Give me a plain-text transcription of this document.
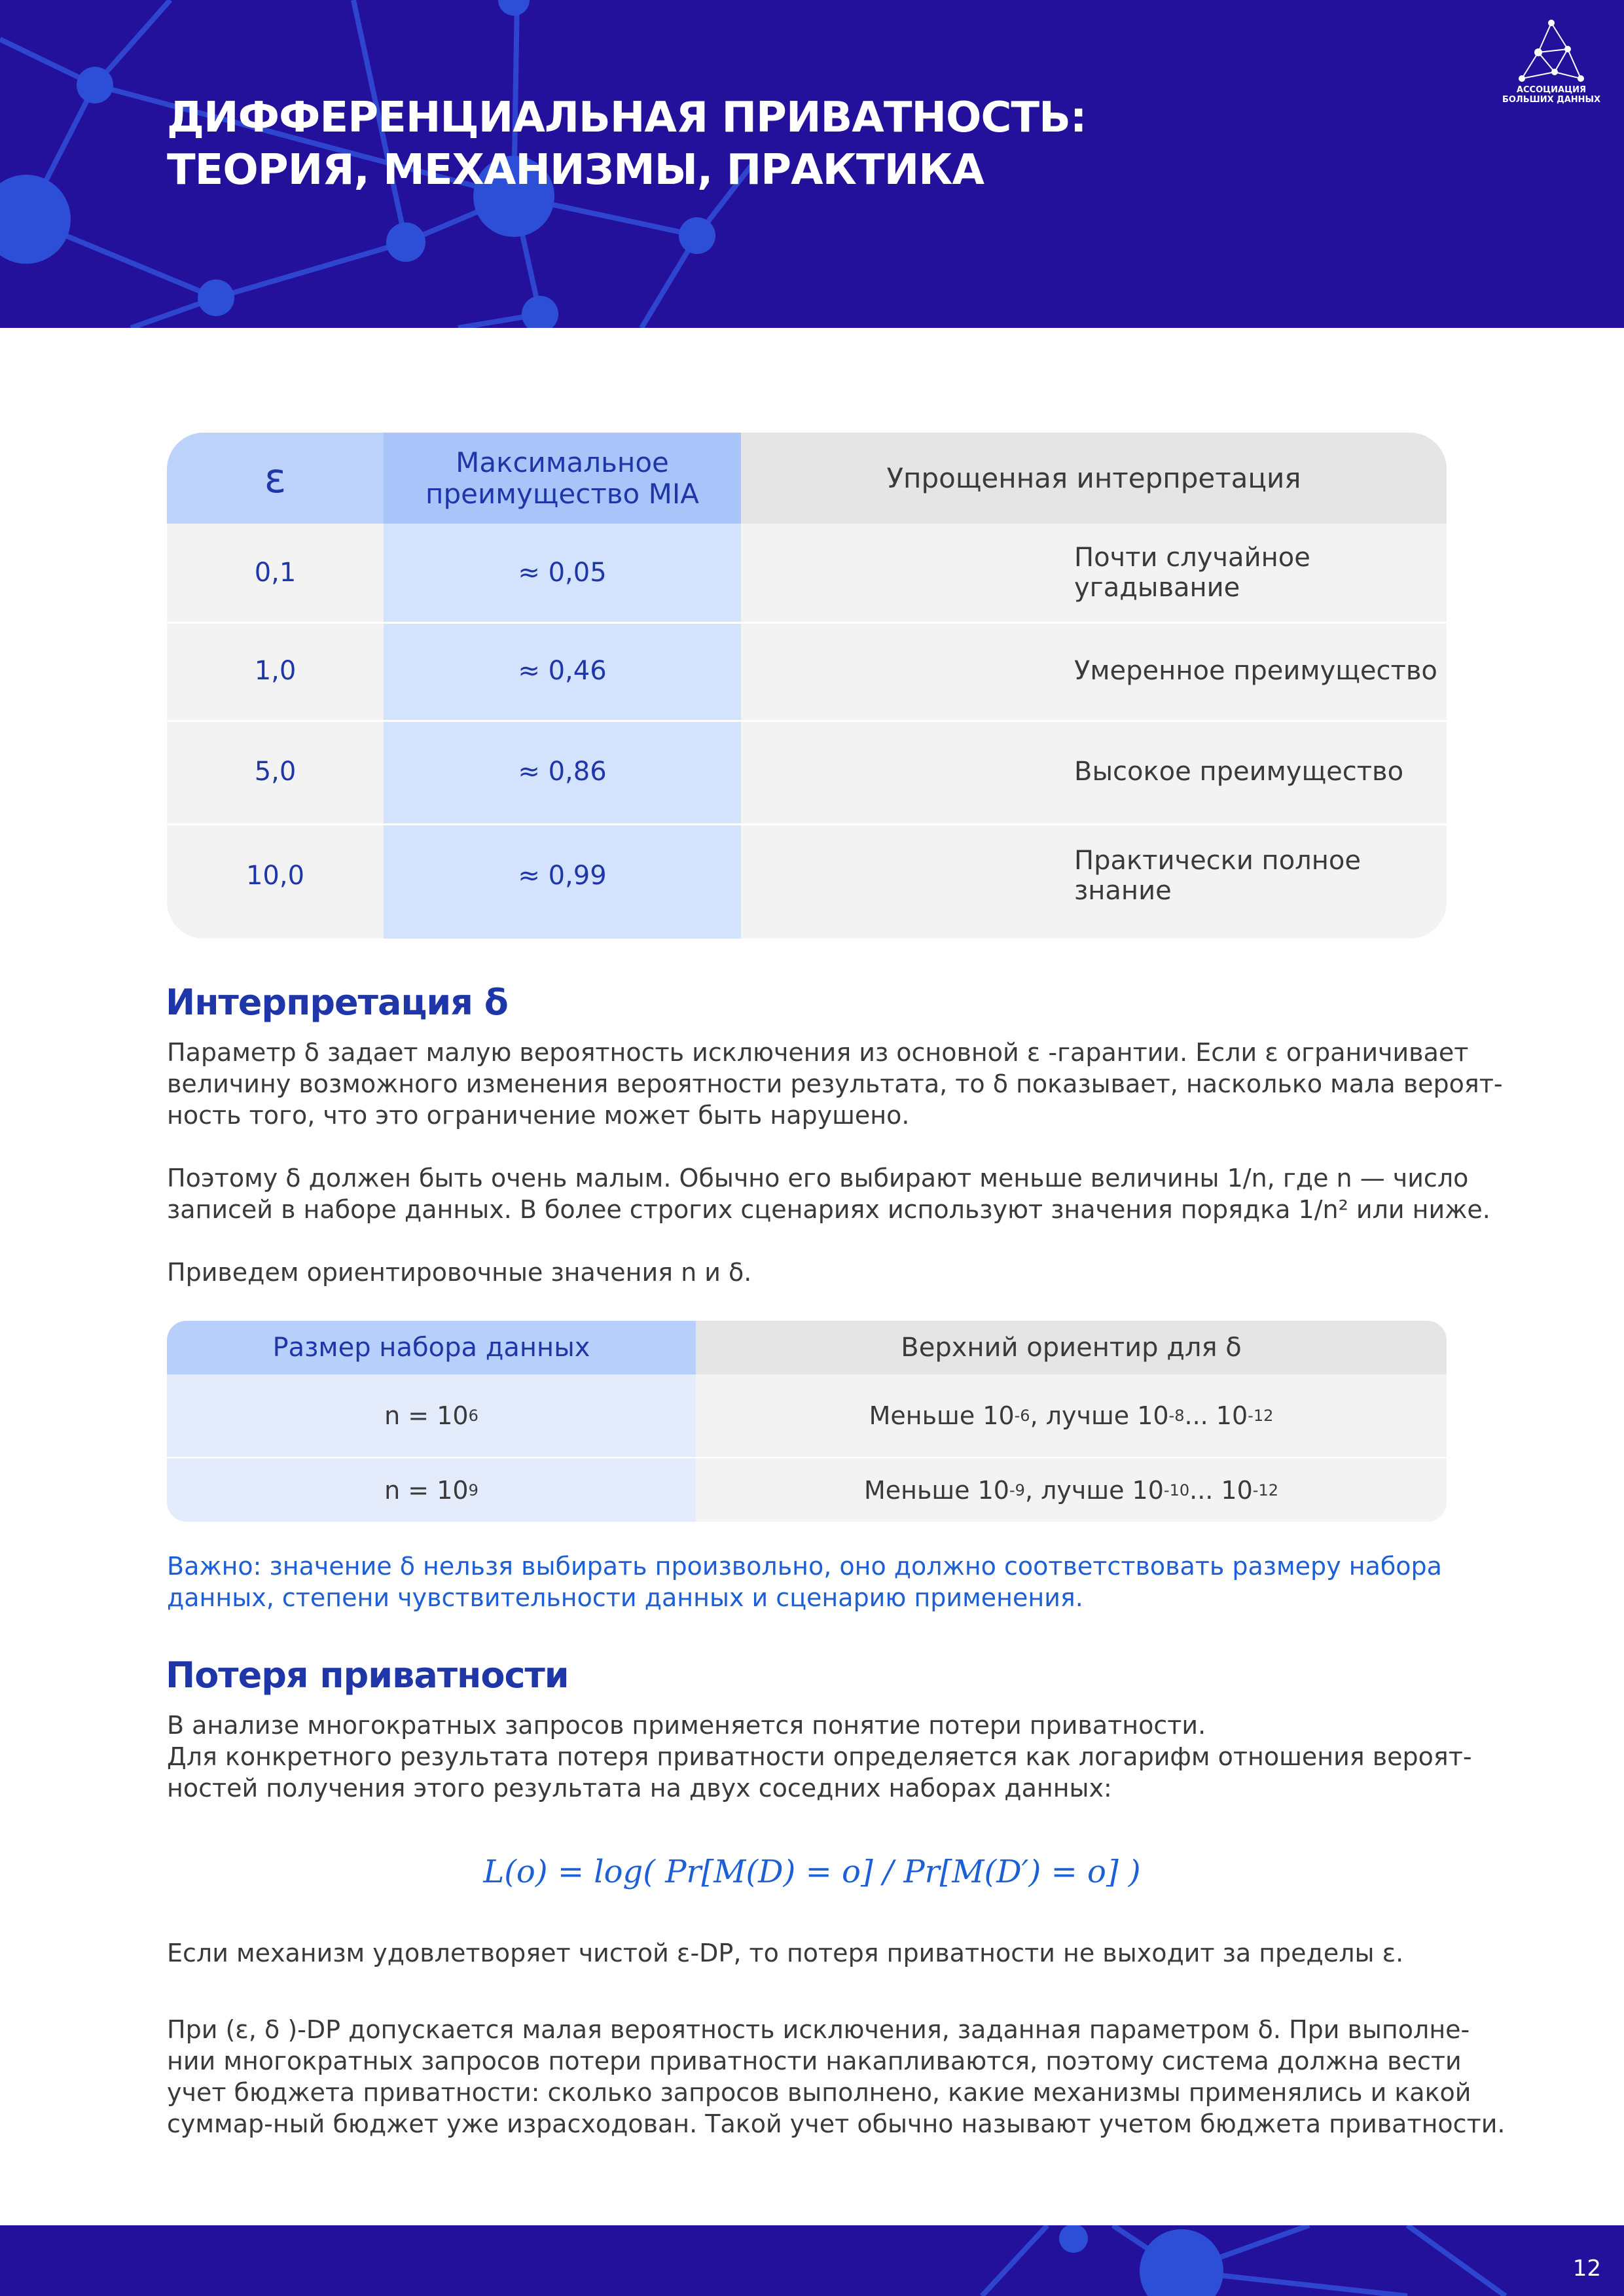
ДИФФЕРЕНЦИАЛЬНАЯ ПРИВАТНОСТЬ:
ТЕОРИЯ, МЕХАНИЗМЫ, ПРАКТИКА
АССОЦИАЦИЯ
БОЛЬШИХ ДАННЫХ
ε
0,1
1,0
5,0
10,0
Максимальное
преимущество MIA
≈ 0,05
≈ 0,46
≈ 0,86
≈ 0,99
Упрощенная интерпретация
Почти случайное угадывание
Умеренное преимущество
Высокое преимущество
Практически полное знание
Интерпретация δ

Параметр δ задает малую вероятность исключения из основной ε -гарантии. Если ε ограничивает
величину возможного изменения вероятности результата, то δ показывает, насколько мала вероят-
ность того, что это ограничение может быть нарушено.

Поэтому δ должен быть очень малым. Обычно его выбирают меньше величины 1/n, где n — число
записей в наборе данных. В более строгих сценариях используют значения порядка 1/n² или ниже.

Приведем ориентировочные значения n и δ.

Размер набора данных
n = 10 6
n = 10 9
Верхний ориентир для δ
Меньше 10 -6 , лучше 10 -8 ... 10 -12
Меньше 10 -9 , лучше 10 -10 ... 10 -12

Важно: значение δ нельзя выбирать произвольно, оно должно соответствовать размеру набора
данных, степени чувствительности данных и сценарию применения.

Потеря приватности

В анализе многократных запросов применяется понятие потери приватности.
Для конкретного результата потеря приватности определяется как логарифм отношения вероят-
ностей получения этого результата на двух соседних наборах данных:

L(o) = log( Pr[M(D) = o] / Pr[M(D′) = o] )

Если механизм удовлетворяет чистой ε-DP, то потеря приватности не выходит за пределы ε.

При (ε, δ )-DP допускается малая вероятность исключения, заданная параметром δ. При выполне-
нии многократных запросов потери приватности накапливаются, поэтому система должна вести
учет бюджета приватности: сколько запросов выполнено, какие механизмы применялись и какой
суммар-ный бюджет уже израсходован. Такой учет обычно называют учетом бюджета приватности.

12
